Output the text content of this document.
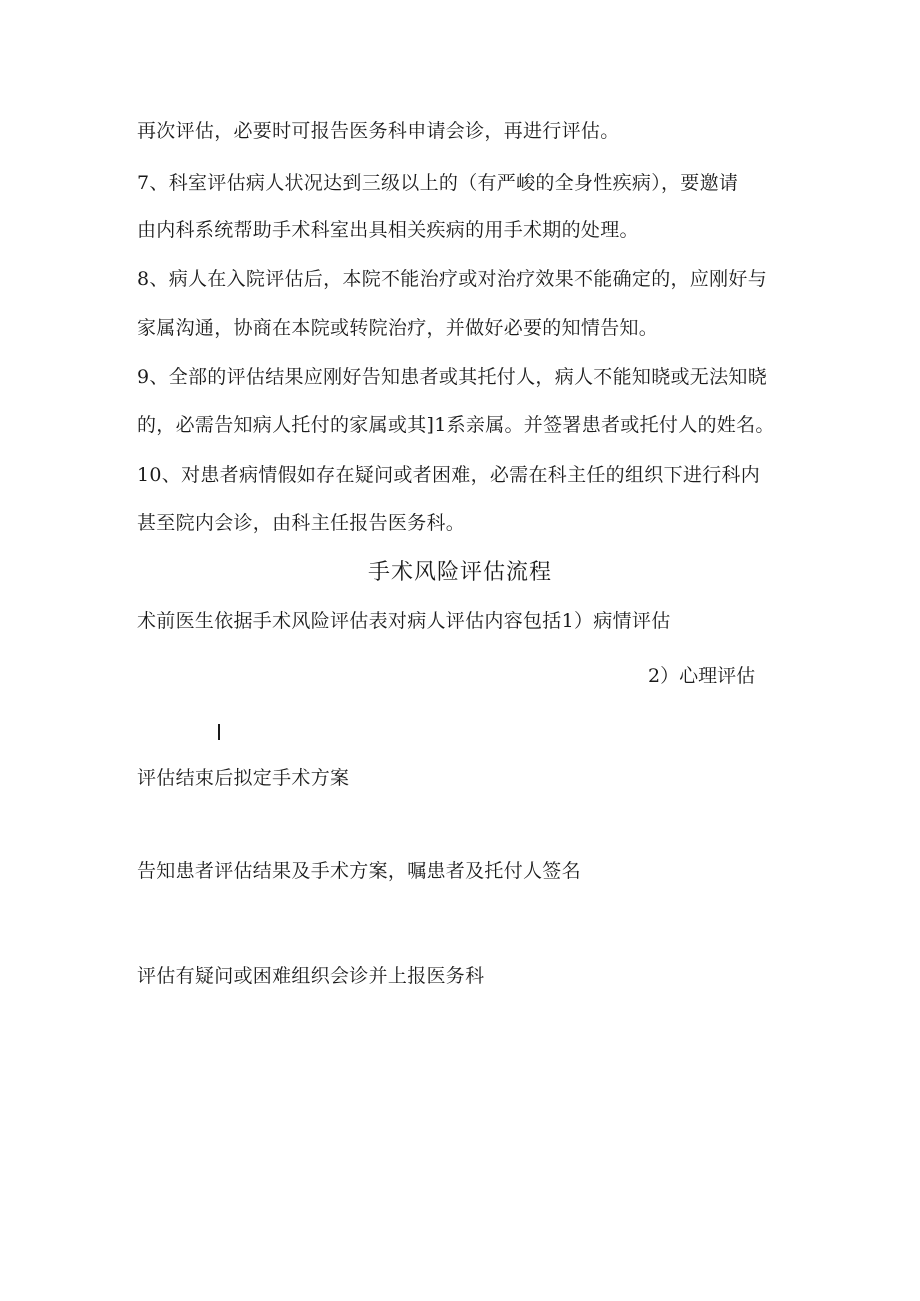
再次评估，必要时可报告医务科申请会诊，再进行评估。
7、科室评估病人状况达到三级以上的（有严峻的全身性疾病），要邀请
由内科系统帮助手术科室出具相关疾病的用手术期的处理。
8、病人在入院评估后，本院不能治疗或对治疗效果不能确定的，应刚好与
家属沟通，协商在本院或转院治疗，并做好必要的知情告知。
9、全部的评估结果应刚好告知患者或其托付人，病人不能知晓或无法知晓
的，必需告知病人托付的家属或其]1系亲属。并签署患者或托付人的姓名。
10、对患者病情假如存在疑问或者困难，必需在科主任的组织下进行科内
甚至院内会诊，由科主任报告医务科。
手术风险评估流程
术前医生依据手术风险评估表对病人评估内容包括1）病情评估
2）心理评估
评估结束后拟定手术方案
告知患者评估结果及手术方案，嘱患者及托付人签名
评估有疑问或困难组织会诊并上报医务科
